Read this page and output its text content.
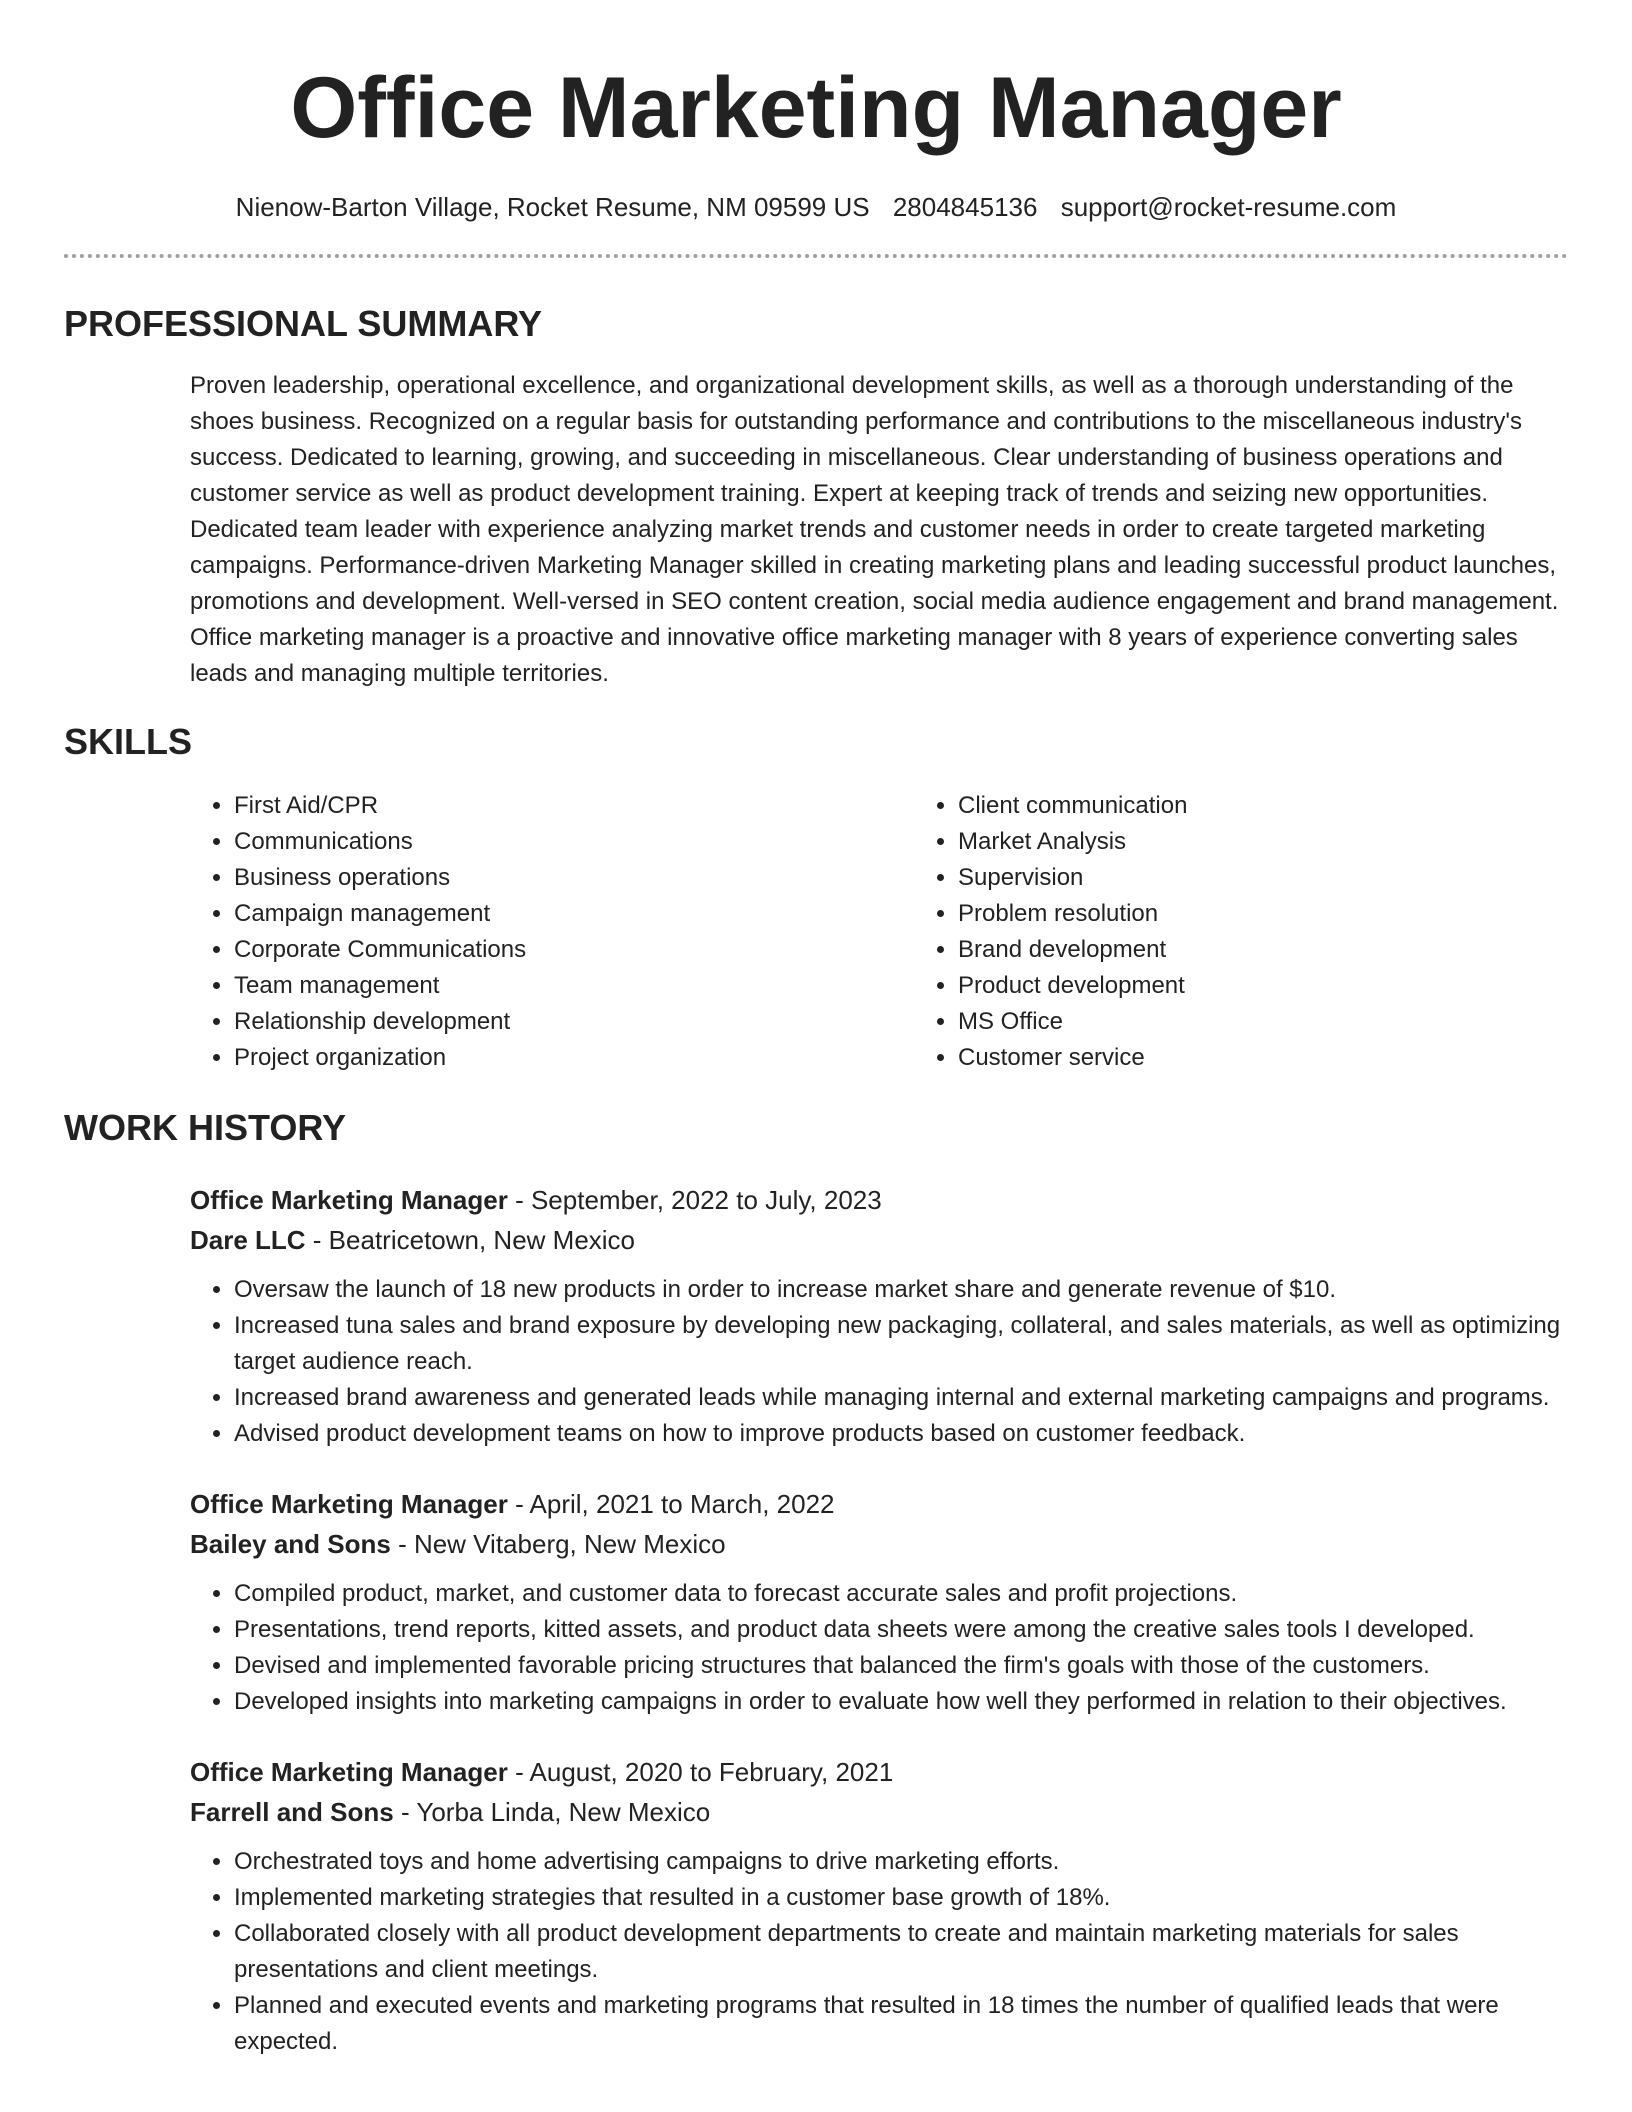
Office Marketing Manager
Nienow-Barton Village, Rocket Resume, NM 09599 US 2804845136 support@rocket-resume.com
PROFESSIONAL SUMMARY

Proven leadership, operational excellence, and organizational development skills, as well as a thorough understanding of the shoes business. Recognized on a regular basis for outstanding performance and contributions to the miscellaneous industry's success. Dedicated to learning, growing, and succeeding in miscellaneous. Clear understanding of business operations and customer service as well as product development training. Expert at keeping track of trends and seizing new opportunities. Dedicated team leader with experience analyzing market trends and customer needs in order to create targeted marketing campaigns. Performance-driven Marketing Manager skilled in creating marketing plans and leading successful product launches, promotions and development. Well-versed in SEO content creation, social media audience engagement and brand management. Office marketing manager is a proactive and innovative office marketing manager with 8 years of experience converting sales leads and managing multiple territories.

SKILLS
• First Aid/CPR
• Communications
• Business operations
• Campaign management
• Corporate Communications
• Team management
• Relationship development
• Project organization
• Client communication
• Market Analysis
• Supervision
• Problem resolution
• Brand development
• Product development
• MS Office
• Customer service
WORK HISTORY
Office Marketing Manager - September, 2022 to July, 2023
Dare LLC - Beatricetown, New Mexico
• Oversaw the launch of 18 new products in order to increase market share and generate revenue of $10.
• Increased tuna sales and brand exposure by developing new packaging, collateral, and sales materials, as well as optimizing target audience reach.
• Increased brand awareness and generated leads while managing internal and external marketing campaigns and programs.
• Advised product development teams on how to improve products based on customer feedback.
Office Marketing Manager - April, 2021 to March, 2022
Bailey and Sons - New Vitaberg, New Mexico
• Compiled product, market, and customer data to forecast accurate sales and profit projections.
• Presentations, trend reports, kitted assets, and product data sheets were among the creative sales tools I developed.
• Devised and implemented favorable pricing structures that balanced the firm's goals with those of the customers.
• Developed insights into marketing campaigns in order to evaluate how well they performed in relation to their objectives.
Office Marketing Manager - August, 2020 to February, 2021
Farrell and Sons - Yorba Linda, New Mexico
• Orchestrated toys and home advertising campaigns to drive marketing efforts.
• Implemented marketing strategies that resulted in a customer base growth of 18%.
• Collaborated closely with all product development departments to create and maintain marketing materials for sales presentations and client meetings.
• Planned and executed events and marketing programs that resulted in 18 times the number of qualified leads that were expected.
